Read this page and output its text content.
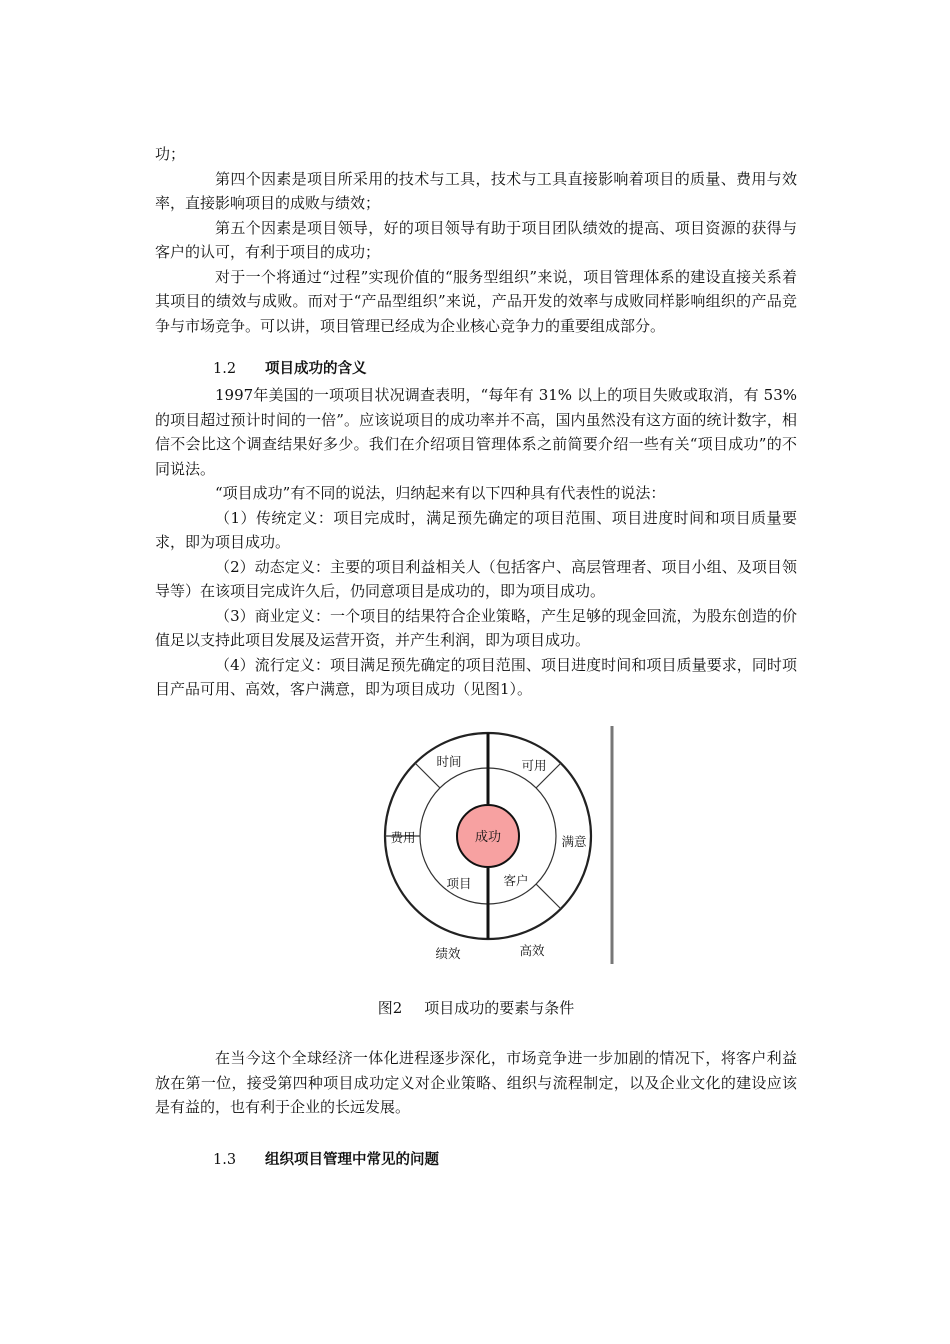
功；

第四个因素是项目所采用的技术与工具，技术与工具直接影响着项目的质量、费用与效率，直接影响项目的成败与绩效；

第五个因素是项目领导，好的项目领导有助于项目团队绩效的提高、项目资源的获得与客户的认可，有利于项目的成功；

对于一个将通过“过程”实现价值的“服务型组织”来说，项目管理体系的建设直接关系着其项目的绩效与成败。而对于“产品型组织”来说，产品开发的效率与成败同样影响组织的产品竞争与市场竞争。可以讲，项目管理已经成为企业核心竞争力的重要组成部分。

1.2 项目成功的含义

1997年美国的一项项目状况调查表明，“每年有 31% 以上的项目失败或取消，有 53% 的项目超过预计时间的一倍”。应该说项目的成功率并不高，国内虽然没有这方面的统计数字，相信不会比这个调查结果好多少。我们在介绍项目管理体系之前简要介绍一些有关“项目成功”的不同说法。

“项目成功”有不同的说法，归纳起来有以下四种具有代表性的说法：

（1）传统定义：项目完成时，满足预先确定的项目范围、项目进度时间和项目质量要求，即为项目成功。

（2）动态定义：主要的项目利益相关人（包括客户、高层管理者、项目小组、及项目领导等）在该项目完成许久后，仍同意项目是成功的，即为项目成功。

（3）商业定义：一个项目的结果符合企业策略，产生足够的现金回流，为股东创造的价值足以支持此项目发展及运营开资，并产生利润，即为项目成功。

（4）流行定义：项目满足预先确定的项目范围、项目进度时间和项目质量要求，同时项目产品可用、高效，客户满意，即为项目成功（见图1）。

成功
项目	客户
时间	可用
费用	满意
绩效	高效
图2 项目成功的要素与条件

在当今这个全球经济一体化进程逐步深化，市场竞争进一步加剧的情况下，将客户利益放在第一位，接受第四种项目成功定义对企业策略、组织与流程制定，以及企业文化的建设应该是有益的，也有利于企业的长远发展。

1.3 组织项目管理中常见的问题
